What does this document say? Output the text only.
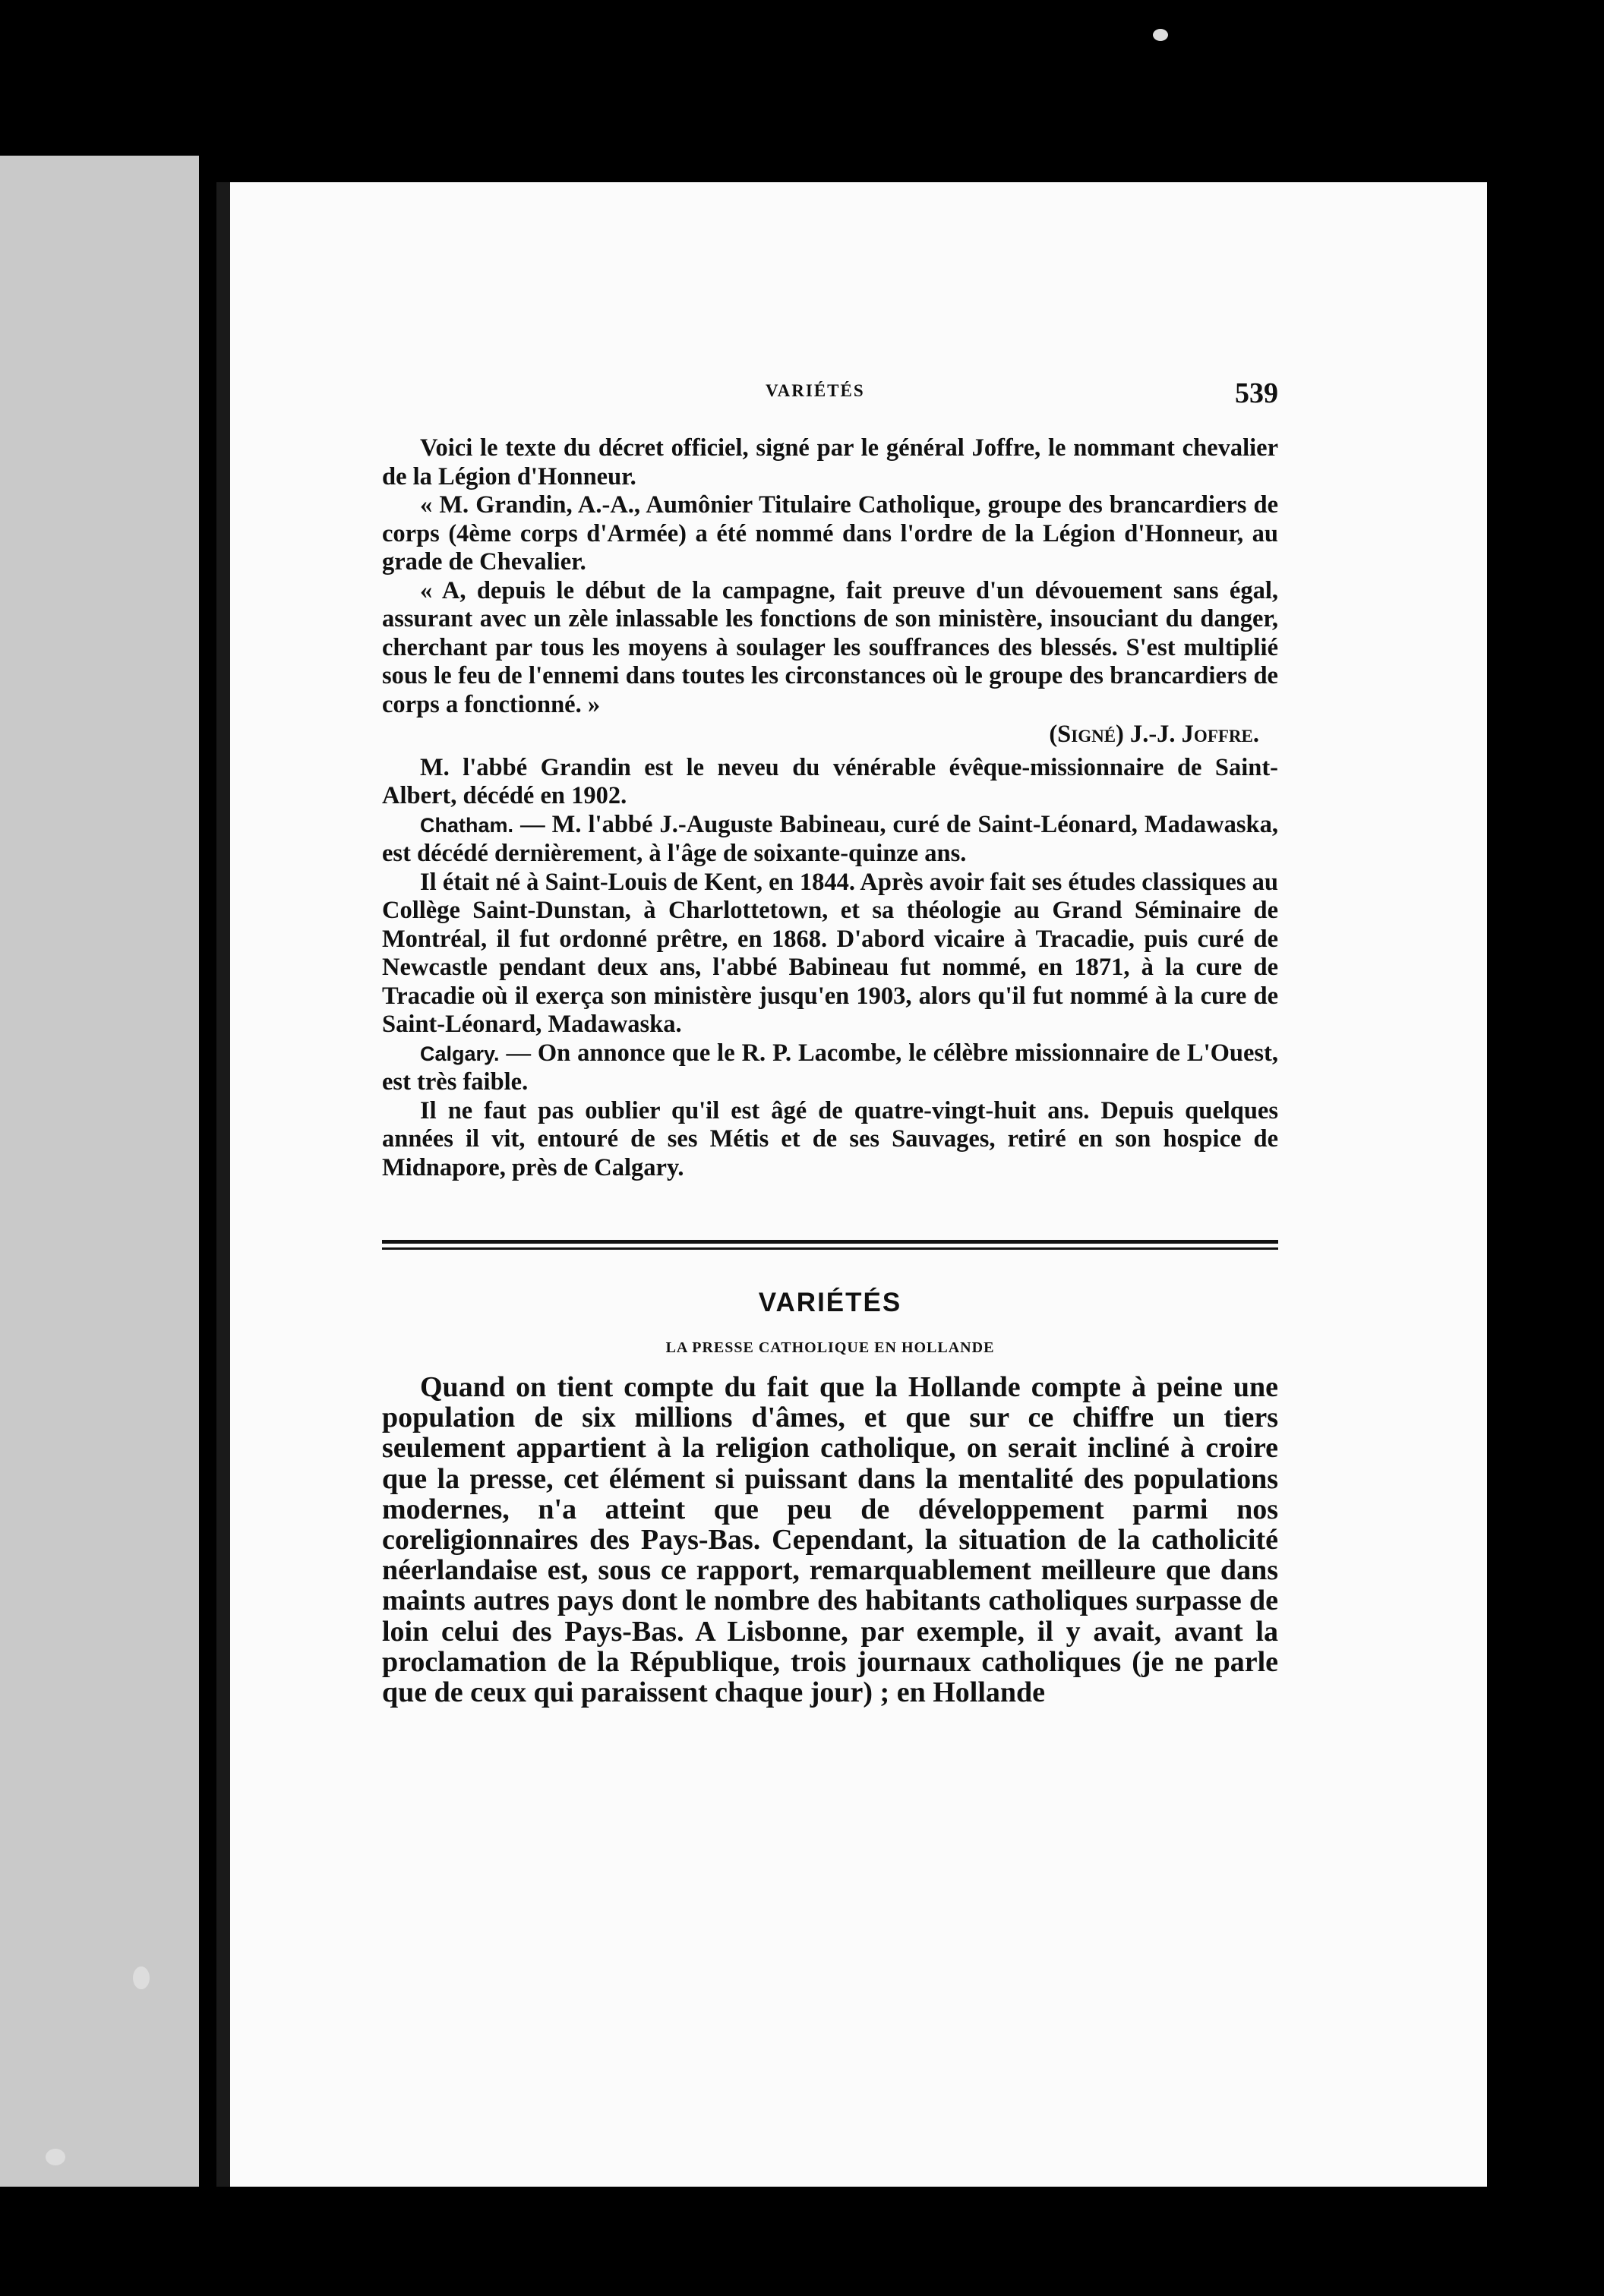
VARIÉTÉS	539

Voici le texte du décret officiel, signé par le général Joffre, le nommant chevalier de la Légion d'Honneur.

« M. Grandin, A.-A., Aumônier Titulaire Catholique, groupe des brancardiers de corps (4ème corps d'Armée) a été nommé dans l'ordre de la Légion d'Honneur, au grade de Chevalier.

« A, depuis le début de la campagne, fait preuve d'un dévouement sans égal, assurant avec un zèle inlassable les fonctions de son ministère, insouciant du danger, cherchant par tous les moyens à soulager les souffrances des blessés. S'est multiplié sous le feu de l'ennemi dans toutes les circonstances où le groupe des brancardiers de corps a fonctionné. »

(Signé) J.-J. Joffre.

M. l'abbé Grandin est le neveu du vénérable évêque-missionnaire de Saint-Albert, décédé en 1902.

Chatham. — M. l'abbé J.-Auguste Babineau, curé de Saint-Léonard, Madawaska, est décédé dernièrement, à l'âge de soixante-quinze ans.

Il était né à Saint-Louis de Kent, en 1844. Après avoir fait ses études classiques au Collège Saint-Dunstan, à Charlottetown, et sa théologie au Grand Séminaire de Montréal, il fut ordonné prêtre, en 1868. D'abord vicaire à Tracadie, puis curé de Newcastle pendant deux ans, l'abbé Babineau fut nommé, en 1871, à la cure de Tracadie où il exerça son ministère jusqu'en 1903, alors qu'il fut nommé à la cure de Saint-Léonard, Madawaska.

Calgary. — On annonce que le R. P. Lacombe, le célèbre missionnaire de L'Ouest, est très faible.

Il ne faut pas oublier qu'il est âgé de quatre-vingt-huit ans. Depuis quelques années il vit, entouré de ses Métis et de ses Sauvages, retiré en son hospice de Midnapore, près de Calgary.

VARIÉTÉS
LA PRESSE CATHOLIQUE EN HOLLANDE

Quand on tient compte du fait que la Hollande compte à peine une population de six millions d'âmes, et que sur ce chiffre un tiers seulement appartient à la religion catholique, on serait incliné à croire que la presse, cet élément si puissant dans la mentalité des populations modernes, n'a atteint que peu de développement parmi nos coreligionnaires des Pays-Bas. Cependant, la situation de la catholicité néerlandaise est, sous ce rapport, remarquablement meilleure que dans maints autres pays dont le nombre des habitants catholiques surpasse de loin celui des Pays-Bas. A Lisbonne, par exemple, il y avait, avant la proclamation de la République, trois journaux catholiques (je ne parle que de ceux qui paraissent chaque jour) ; en Hollande
